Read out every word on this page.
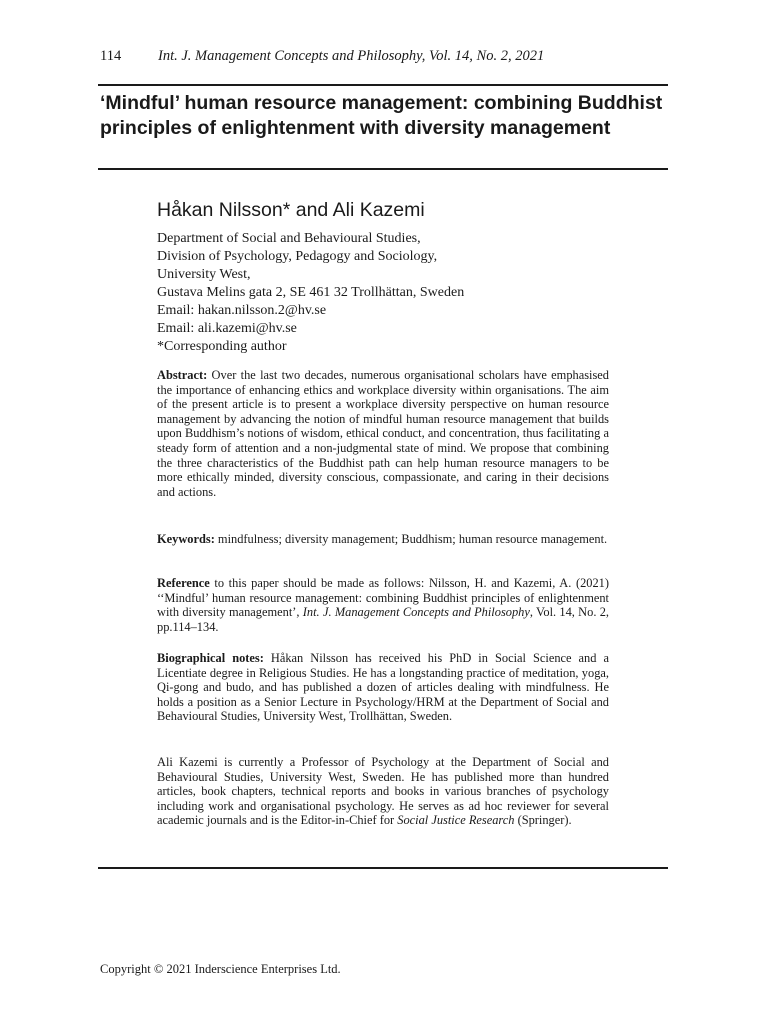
114	Int. J. Management Concepts and Philosophy, Vol. 14, No. 2, 2021
‘Mindful’ human resource management: combining Buddhist principles of enlightenment with diversity management
Håkan Nilsson* and Ali Kazemi
Department of Social and Behavioural Studies,
Division of Psychology, Pedagogy and Sociology,
University West,
Gustava Melins gata 2, SE 461 32 Trollhättan, Sweden
Email: hakan.nilsson.2@hv.se
Email: ali.kazemi@hv.se
*Corresponding author

Abstract: Over the last two decades, numerous organisational scholars have emphasised the importance of enhancing ethics and workplace diversity within organisations. The aim of the present article is to present a workplace diversity perspective on human resource management by advancing the notion of mindful human resource management that builds upon Buddhism’s notions of wisdom, ethical conduct, and concentration, thus facilitating a steady form of attention and a non-judgmental state of mind. We propose that combining the three characteristics of the Buddhist path can help human resource managers to be more ethically minded, diversity conscious, compassionate, and caring in their decisions and actions.

Keywords: mindfulness; diversity management; Buddhism; human resource management.

Reference to this paper should be made as follows: Nilsson, H. and Kazemi, A. (2021) ‘‘Mindful’ human resource management: combining Buddhist principles of enlightenment with diversity management’, Int. J. Management Concepts and Philosophy, Vol. 14, No. 2, pp.114–134.

Biographical notes: Håkan Nilsson has received his PhD in Social Science and a Licentiate degree in Religious Studies. He has a longstanding practice of meditation, yoga, Qi-gong and budo, and has published a dozen of articles dealing with mindfulness. He holds a position as a Senior Lecture in Psychology/HRM at the Department of Social and Behavioural Studies, University West, Trollhättan, Sweden.

Ali Kazemi is currently a Professor of Psychology at the Department of Social and Behavioural Studies, University West, Sweden. He has published more than hundred articles, book chapters, technical reports and books in various branches of psychology including work and organisational psychology. He serves as ad hoc reviewer for several academic journals and is the Editor-in-Chief for Social Justice Research (Springer).

Copyright © 2021 Inderscience Enterprises Ltd.
